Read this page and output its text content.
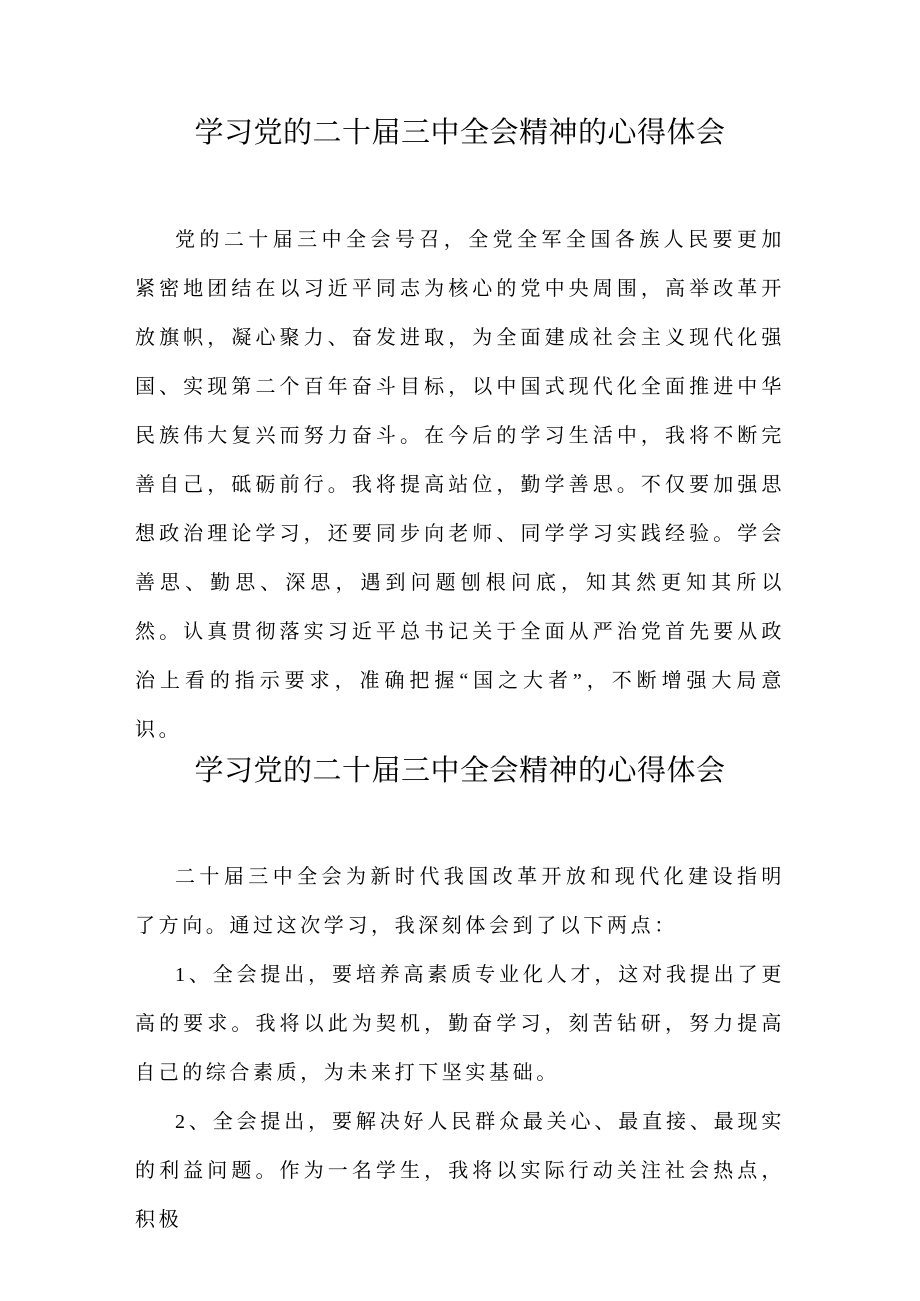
学习党的二十届三中全会精神的心得体会

党的二十届三中全会号召，全党全军全国各族人民要更加紧密地团结在以习近平同志为核心的党中央周围，高举改革开放旗帜，凝心聚力、奋发进取，为全面建成社会主义现代化强国、实现第二个百年奋斗目标，以中国式现代化全面推进中华民族伟大复兴而努力奋斗。在今后的学习生活中，我将不断完善自己，砥砺前行。我将提高站位，勤学善思。不仅要加强思想政治理论学习，还要同步向老师、同学学习实践经验。学会善思、勤思、深思，遇到问题刨根问底，知其然更知其所以然。认真贯彻落实习近平总书记关于全面从严治党首先要从政治上看的指示要求，准确把握“国之大者”，不断增强大局意识。

学习党的二十届三中全会精神的心得体会

二十届三中全会为新时代我国改革开放和现代化建设指明了方向。通过这次学习，我深刻体会到了以下两点：

1、全会提出，要培养高素质专业化人才，这对我提出了更高的要求。我将以此为契机，勤奋学习，刻苦钻研，努力提高自己的综合素质，为未来打下坚实基础。

2、全会提出，要解决好人民群众最关心、最直接、最现实的利益问题。作为一名学生，我将以实际行动关注社会热点，积极
